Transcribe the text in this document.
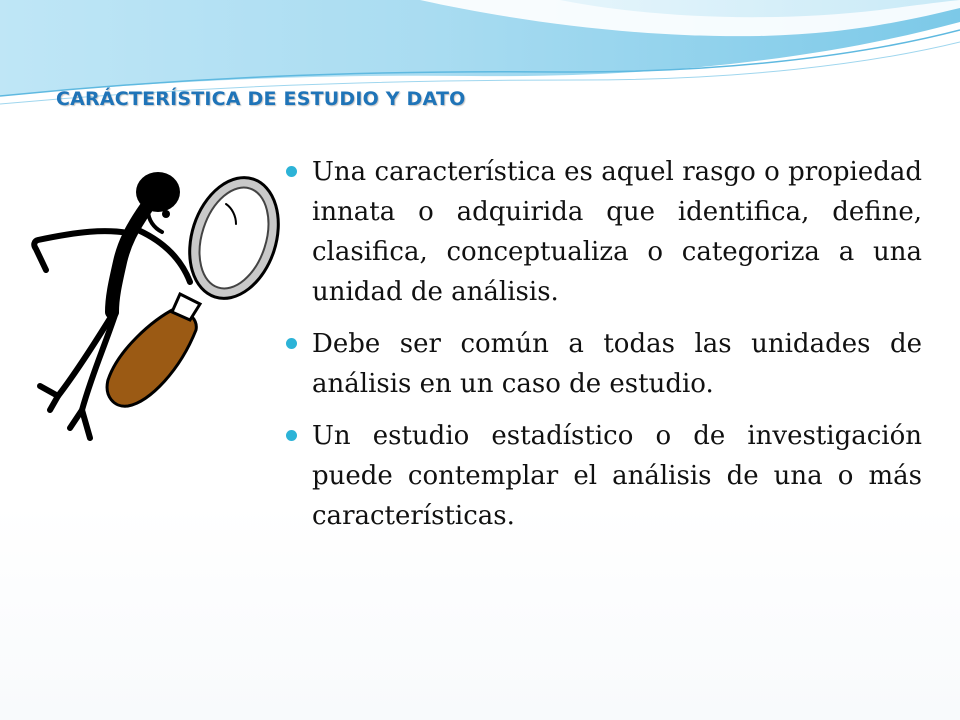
CARÁCTERÍSTICA DE ESTUDIO Y DATO
Una característica es aquel rasgo o propiedad innata o adquirida que identifica, define, clasifica, conceptualiza o categoriza a una unidad de análisis.
Debe ser común a todas las unidades de análisis en un caso de estudio.
Un estudio estadístico o de investigación puede contemplar el análisis de una o más características.
